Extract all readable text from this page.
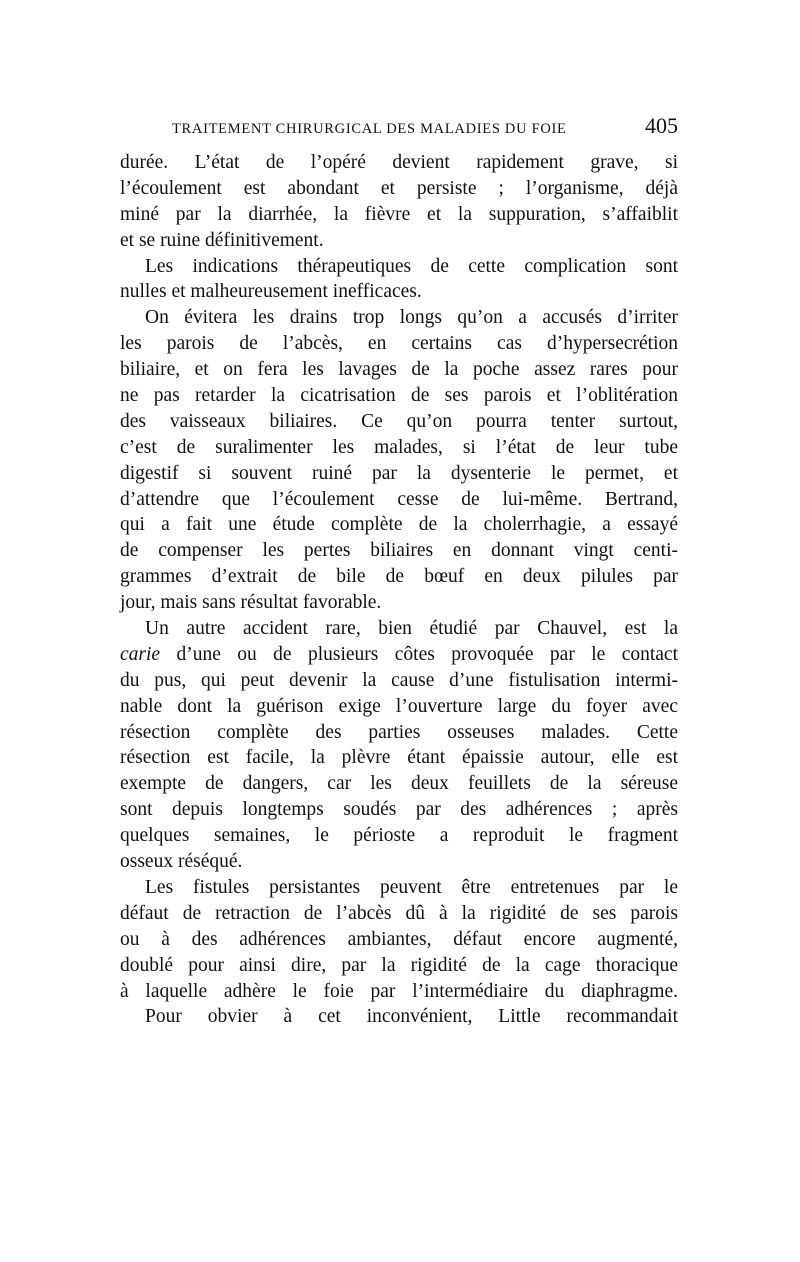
TRAITEMENT CHIRURGICAL DES MALADIES DU FOIE	405
durée. L’état de l’opéré devient rapidement grave, si
l’écoulement est abondant et persiste ; l’organisme, déjà
miné par la diarrhée, la fièvre et la suppuration, s’affaiblit
et se ruine définitivement.
Les indications thérapeutiques de cette complication sont
nulles et malheureusement inefficaces.
On évitera les drains trop longs qu’on a accusés d’irriter
les parois de l’abcès, en certains cas d’hypersecrétion
biliaire, et on fera les lavages de la poche assez rares pour
ne pas retarder la cicatrisation de ses parois et l’oblitération
des vaisseaux biliaires. Ce qu’on pourra tenter surtout,
c’est de suralimenter les malades, si l’état de leur tube
digestif si souvent ruiné par la dysenterie le permet, et
d’attendre que l’écoulement cesse de lui-même. Bertrand,
qui a fait une étude complète de la cholerrhagie, a essayé
de compenser les pertes biliaires en donnant vingt centi-
grammes d’extrait de bile de bœuf en deux pilules par
jour, mais sans résultat favorable.
Un autre accident rare, bien étudié par Chauvel, est la
carie d’une ou de plusieurs côtes provoquée par le contact
du pus, qui peut devenir la cause d’une fistulisation intermi-
nable dont la guérison exige l’ouverture large du foyer avec
résection complète des parties osseuses malades. Cette
résection est facile, la plèvre étant épaissie autour, elle est
exempte de dangers, car les deux feuillets de la séreuse
sont depuis longtemps soudés par des adhérences ; après
quelques semaines, le périoste a reproduit le fragment
osseux réséqué.
Les fistules persistantes peuvent être entretenues par le
défaut de retraction de l’abcès dû à la rigidité de ses parois
ou à des adhérences ambiantes, défaut encore augmenté,
doublé pour ainsi dire, par la rigidité de la cage thoracique
à laquelle adhère le foie par l’intermédiaire du diaphragme.
Pour obvier à cet inconvénient, Little recommandait
